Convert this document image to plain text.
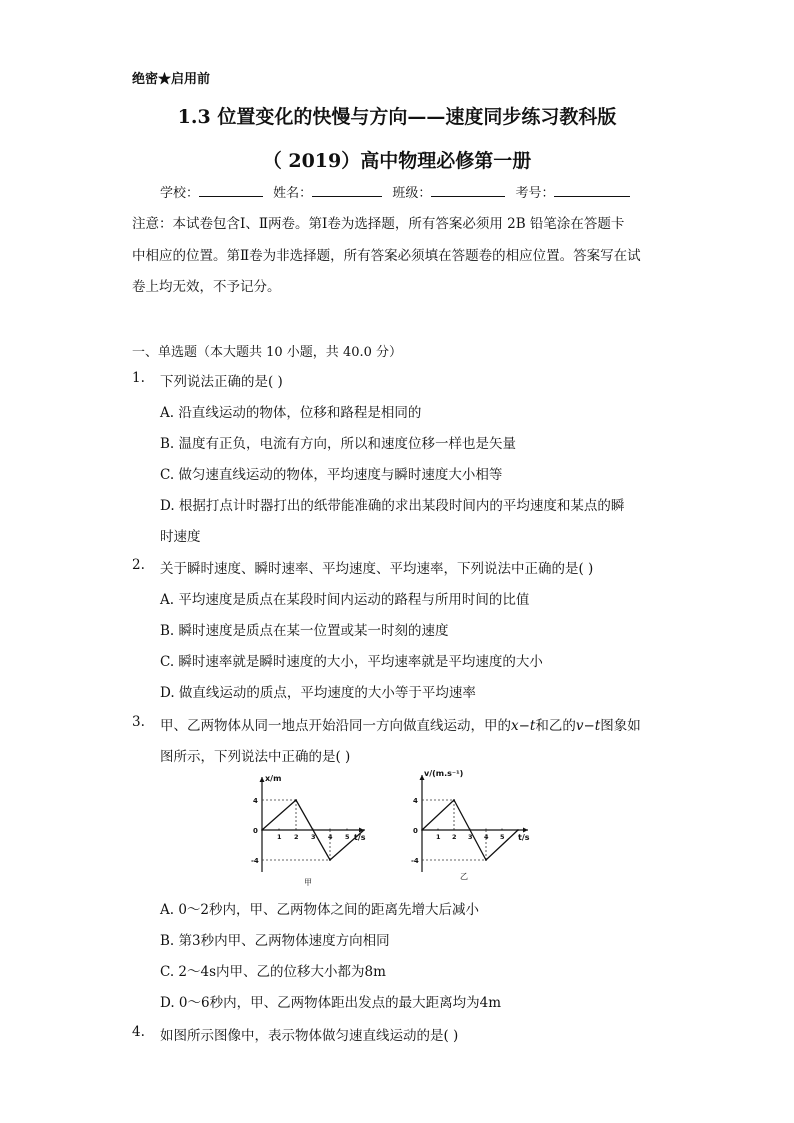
绝密★启用前
1.3 位置变化的快慢与方向——速度同步练习教科版
（ 2019）高中物理必修第一册
学校：	姓名：	班级：	考号：
注意：本试卷包含Ⅰ、Ⅱ两卷。第Ⅰ卷为选择题，所有答案必须用 2B 铅笔涂在答题卡
中相应的位置。第Ⅱ卷为非选择题，所有答案必须填在答题卷的相应位置。答案写在试
卷上均无效，不予记分。
一、单选题（本大题共 10 小题，共 40.0 分）
1. 下列说法正确的是( )
A. 沿直线运动的物体，位移和路程是相同的
B. 温度有正负，电流有方向，所以和速度位移一样也是矢量
C. 做匀速直线运动的物体，平均速度与瞬时速度大小相等
D. 根据打点计时器打出的纸带能准确的求出某段时间内的平均速度和某点的瞬
时速度
2. 关于瞬时速度、瞬时速率、平均速度、平均速率，下列说法中正确的是( )
A. 平均速度是质点在某段时间内运动的路程与所用时间的比值
B. 瞬时速度是质点在某一位置或某一时刻的速度
C. 瞬时速率就是瞬时速度的大小，平均速率就是平均速度的大小
D. 做直线运动的质点，平均速度的大小等于平均速率
3. 甲、乙两物体从同一地点开始沿同一方向做直线运动，甲的x−t和乙的v−t图象如
图所示，下列说法中正确的是( )
x/m
t/s
0
4
-4
1 2 3 4 5
甲
v/(m.s⁻¹)
t/s
0
4
-4
1 2 3 4 5
乙
A. 0～2秒内，甲、乙两物体之间的距离先增大后减小
B. 第3秒内甲、乙两物体速度方向相同
C. 2～4s内甲、乙的位移大小都为8m
D. 0～6秒内，甲、乙两物体距出发点的最大距离均为4m
4. 如图所示图像中，表示物体做匀速直线运动的是( )
